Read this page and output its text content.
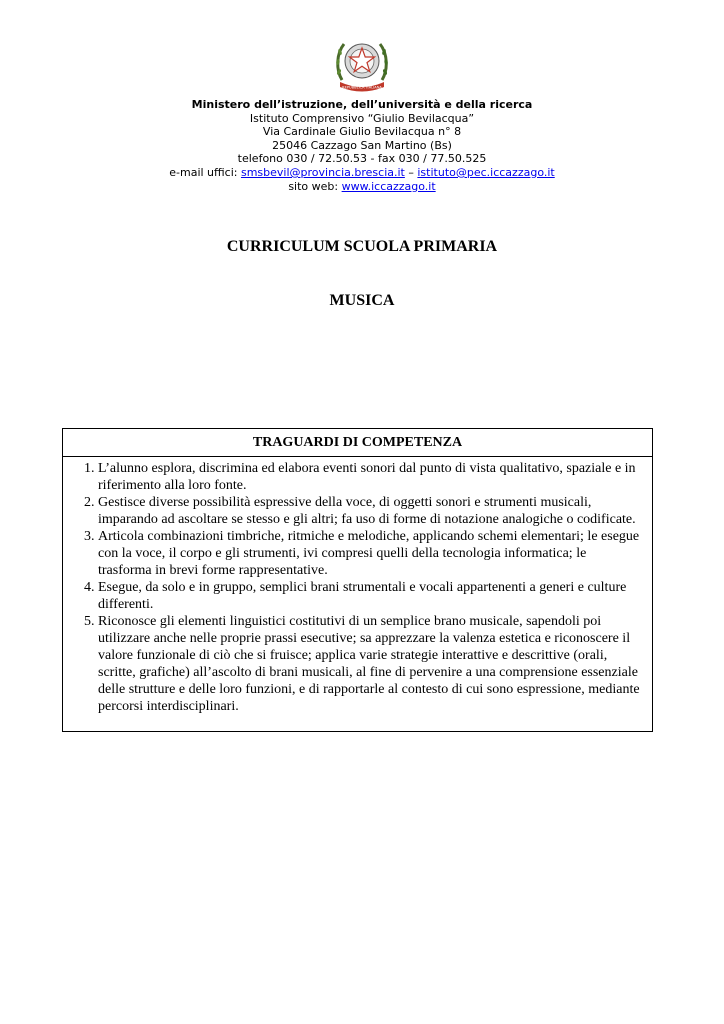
REPUBBLICA ITALIANA
Ministero dell’istruzione, dell’università e della ricerca
Istituto Comprensivo “Giulio Bevilacqua”
Via Cardinale Giulio Bevilacqua n° 8
25046 Cazzago San Martino (Bs)
telefono 030 / 72.50.53 - fax 030 / 77.50.525
e-mail uffici: smsbevil@provincia.brescia.it – istituto@pec.iccazzago.it
sito web: www.iccazzago.it
CURRICULUM SCUOLA PRIMARIA
MUSICA
TRAGUARDI DI COMPETENZA
1. L’alunno esplora, discrimina ed elabora eventi sonori dal punto di vista qualitativo, spaziale e in riferimento alla loro fonte.
2. Gestisce diverse possibilità espressive della voce, di oggetti sonori e strumenti musicali, imparando ad ascoltare se stesso e gli altri; fa uso di forme di notazione analogiche o codificate.
3. Articola combinazioni timbriche, ritmiche e melodiche, applicando schemi elementari; le esegue con la voce, il corpo e gli strumenti, ivi compresi quelli della tecnologia informatica; le trasforma in brevi forme rappresentative.
4. Esegue, da solo e in gruppo, semplici brani strumentali e vocali appartenenti a generi e culture differenti.
5. Riconosce gli elementi linguistici costitutivi di un semplice brano musicale, sapendoli poi utilizzare anche nelle proprie prassi esecutive; sa apprezzare la valenza estetica e riconoscere il valore funzionale di ciò che si fruisce; applica varie strategie interattive e descrittive (orali, scritte, grafiche) all’ascolto di brani musicali, al fine di pervenire a una comprensione essenziale delle strutture e delle loro funzioni, e di rapportarle al contesto di cui sono espressione, mediante percorsi interdisciplinari.
